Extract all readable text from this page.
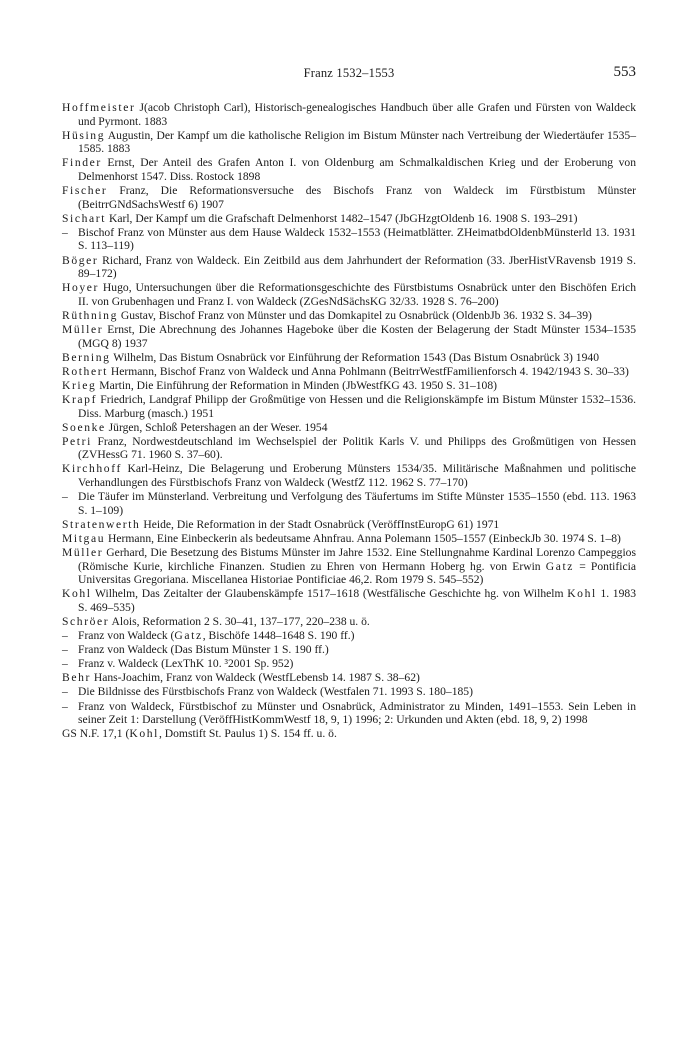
Franz 1532–1553	553

Hoffmeister J(acob Christoph Carl), Historisch-genealogisches Handbuch über alle Grafen und Fürsten von Waldeck und Pyrmont. 1883

Hüsing Augustin, Der Kampf um die katholische Religion im Bistum Münster nach Vertreibung der Wiedertäufer 1535–1585. 1883

Finder Ernst, Der Anteil des Grafen Anton I. von Oldenburg am Schmalkaldischen Krieg und der Eroberung von Delmenhorst 1547. Diss. Rostock 1898

Fischer Franz, Die Reformationsversuche des Bischofs Franz von Waldeck im Fürstbistum Münster (BeitrrGNdSachsWestf 6) 1907

Sichart Karl, Der Kampf um die Grafschaft Delmenhorst 1482–1547 (JbGHzgtOldenb 16. 1908 S. 193–291)

– Bischof Franz von Münster aus dem Hause Waldeck 1532–1553 (Heimatblätter. ZHeimatbdOldenbMünsterld 13. 1931 S. 113–119)

Böger Richard, Franz von Waldeck. Ein Zeitbild aus dem Jahrhundert der Reformation (33. JberHistVRavensb 1919 S. 89–172)

Hoyer Hugo, Untersuchungen über die Reformationsgeschichte des Fürstbistums Osnabrück unter den Bischöfen Erich II. von Grubenhagen und Franz I. von Waldeck (ZGesNdSächsKG 32/33. 1928 S. 76–200)

Rüthning Gustav, Bischof Franz von Münster und das Domkapitel zu Osnabrück (OldenbJb 36. 1932 S. 34–39)

Müller Ernst, Die Abrechnung des Johannes Hageboke über die Kosten der Belagerung der Stadt Münster 1534–1535 (MGQ 8) 1937

Berning Wilhelm, Das Bistum Osnabrück vor Einführung der Reformation 1543 (Das Bistum Osnabrück 3) 1940

Rothert Hermann, Bischof Franz von Waldeck und Anna Pohlmann (BeitrrWestfFamilienforsch 4. 1942/1943 S. 30–33)

Krieg Martin, Die Einführung der Reformation in Minden (JbWestfKG 43. 1950 S. 31–108)

Krapf Friedrich, Landgraf Philipp der Großmütige von Hessen und die Religionskämpfe im Bistum Münster 1532–1536. Diss. Marburg (masch.) 1951

Soenke Jürgen, Schloß Petershagen an der Weser. 1954

Petri Franz, Nordwestdeutschland im Wechselspiel der Politik Karls V. und Philipps des Großmütigen von Hessen (ZVHessG 71. 1960 S. 37–60).

Kirchhoff Karl-Heinz, Die Belagerung und Eroberung Münsters 1534/35. Militärische Maßnahmen und politische Verhandlungen des Fürstbischofs Franz von Waldeck (WestfZ 112. 1962 S. 77–170)

– Die Täufer im Münsterland. Verbreitung und Verfolgung des Täufertums im Stifte Münster 1535–1550 (ebd. 113. 1963 S. 1–109)

Stratenwerth Heide, Die Reformation in der Stadt Osnabrück (VeröffInstEuropG 61) 1971

Mitgau Hermann, Eine Einbeckerin als bedeutsame Ahnfrau. Anna Polemann 1505–1557 (EinbeckJb 30. 1974 S. 1–8)

Müller Gerhard, Die Besetzung des Bistums Münster im Jahre 1532. Eine Stellungnahme Kardinal Lorenzo Campeggios (Römische Kurie, kirchliche Finanzen. Studien zu Ehren von Hermann Hoberg hg. von Erwin Gatz = Pontificia Universitas Gregoriana. Miscellanea Historiae Pontificiae 46,2. Rom 1979 S. 545–552)

Kohl Wilhelm, Das Zeitalter der Glaubenskämpfe 1517–1618 (Westfälische Geschichte hg. von Wilhelm Kohl 1. 1983 S. 469–535)

Schröer Alois, Reformation 2 S. 30–41, 137–177, 220–238 u. ö.

– Franz von Waldeck (Gatz, Bischöfe 1448–1648 S. 190 ff.)

– Franz von Waldeck (Das Bistum Münster 1 S. 190 ff.)

– Franz v. Waldeck (LexThK 10. ³2001 Sp. 952)

Behr Hans-Joachim, Franz von Waldeck (WestfLebensb 14. 1987 S. 38–62)

– Die Bildnisse des Fürstbischofs Franz von Waldeck (Westfalen 71. 1993 S. 180–185)

– Franz von Waldeck, Fürstbischof zu Münster und Osnabrück, Administrator zu Minden, 1491–1553. Sein Leben in seiner Zeit 1: Darstellung (VeröffHistKommWestf 18, 9, 1) 1996; 2: Urkunden und Akten (ebd. 18, 9, 2) 1998

GS N.F. 17,1 (Kohl, Domstift St. Paulus 1) S. 154 ff. u. ö.
